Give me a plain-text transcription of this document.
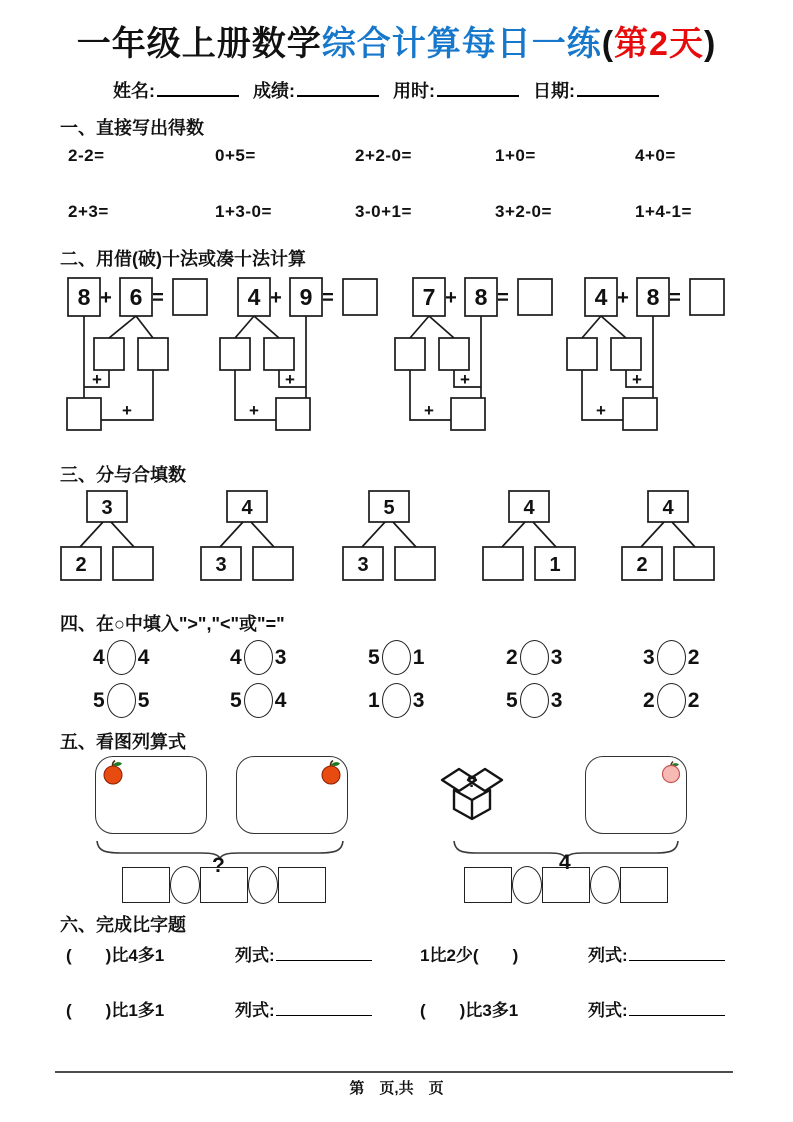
一年级上册数学综合计算每日一练(第2天)
姓名:	成绩:	用时:	日期:
一、直接写出得数
2-2=	0+5=	2+2-0=	1+0=	4+0=
2+3=	1+3-0=	3-0+1=	3+2-0=	1+4-1=
二、用借(破)十法或凑十法计算
8 + 6 =
+
+
4 + 9 =
+
+
7 + 8 =
+
+
4 + 8 =
+
+
三、分与合填数
3
2
4
3
5
3
4
1
4
2
四、在○中填入">","<"或"="
4 4	4 3	5 1	2 3	3 2
5 5	5 4	1 3	5 3	2 2
五、看图列算式
?
?	4
六、完成比字题
(　　)比4多1	列式:	1比2少(　　)	列式:
(　　)比1多1	列式:	(　　)比3多1	列式:
第　页,共　页
